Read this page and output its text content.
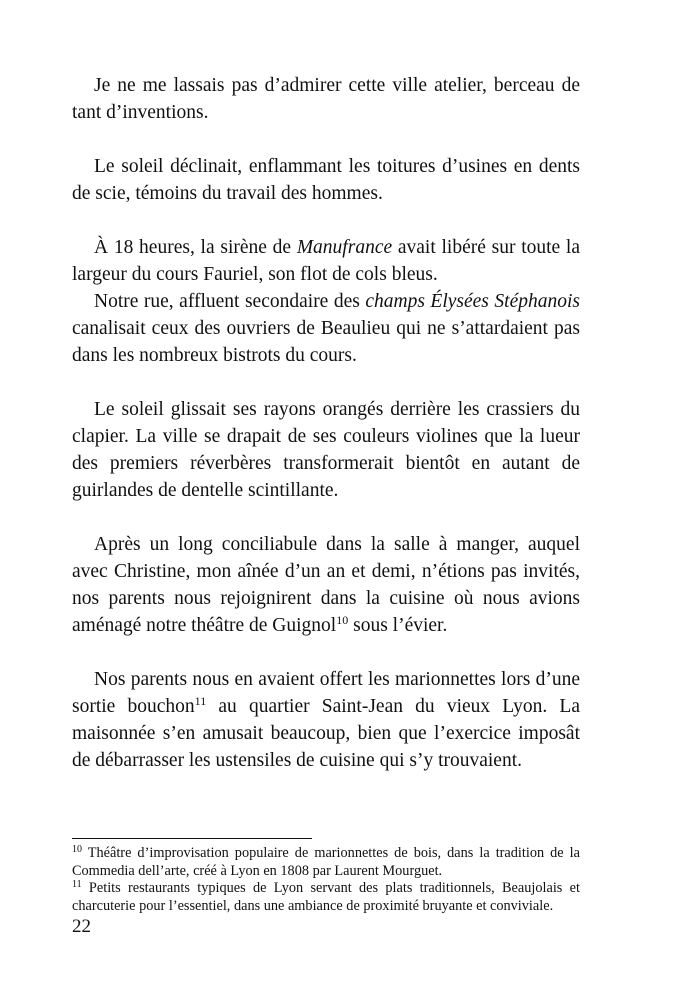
Je ne me lassais pas d’admirer cette ville atelier, berceau de tant d’inventions.

Le soleil déclinait, enflammant les toitures d’usines en dents de scie, témoins du travail des hommes.

À 18 heures, la sirène de Manufrance avait libéré sur toute la largeur du cours Fauriel, son flot de cols bleus.

Notre rue, affluent secondaire des champs Élysées Stéphanois canalisait ceux des ouvriers de Beaulieu qui ne s’attardaient pas dans les nombreux bistrots du cours.

Le soleil glissait ses rayons orangés derrière les crassiers du clapier. La ville se drapait de ses couleurs violines que la lueur des premiers réverbères transformerait bientôt en autant de guirlandes de dentelle scintillante.

Après un long conciliabule dans la salle à manger, auquel avec Christine, mon aînée d’un an et demi, n’étions pas invités, nos parents nous rejoignirent dans la cuisine où nous avions aménagé notre théâtre de Guignol$^{10}$ sous l’évier.

Nos parents nous en avaient offert les marionnettes lors d’une sortie bouchon$^{11}$ au quartier Saint-Jean du vieux Lyon. La maisonnée s’en amusait beaucoup, bien que l’exercice imposât de débarrasser les ustensiles de cuisine qui s’y trouvaient.

$^{10}$ Théâtre d’improvisation populaire de marionnettes de bois, dans la tradition de la Commedia dell’arte, créé à Lyon en 1808 par Laurent Mourguet.

$^{11}$ Petits restaurants typiques de Lyon servant des plats traditionnels, Beaujolais et charcuterie pour l’essentiel, dans une ambiance de proximité bruyante et conviviale.

22
